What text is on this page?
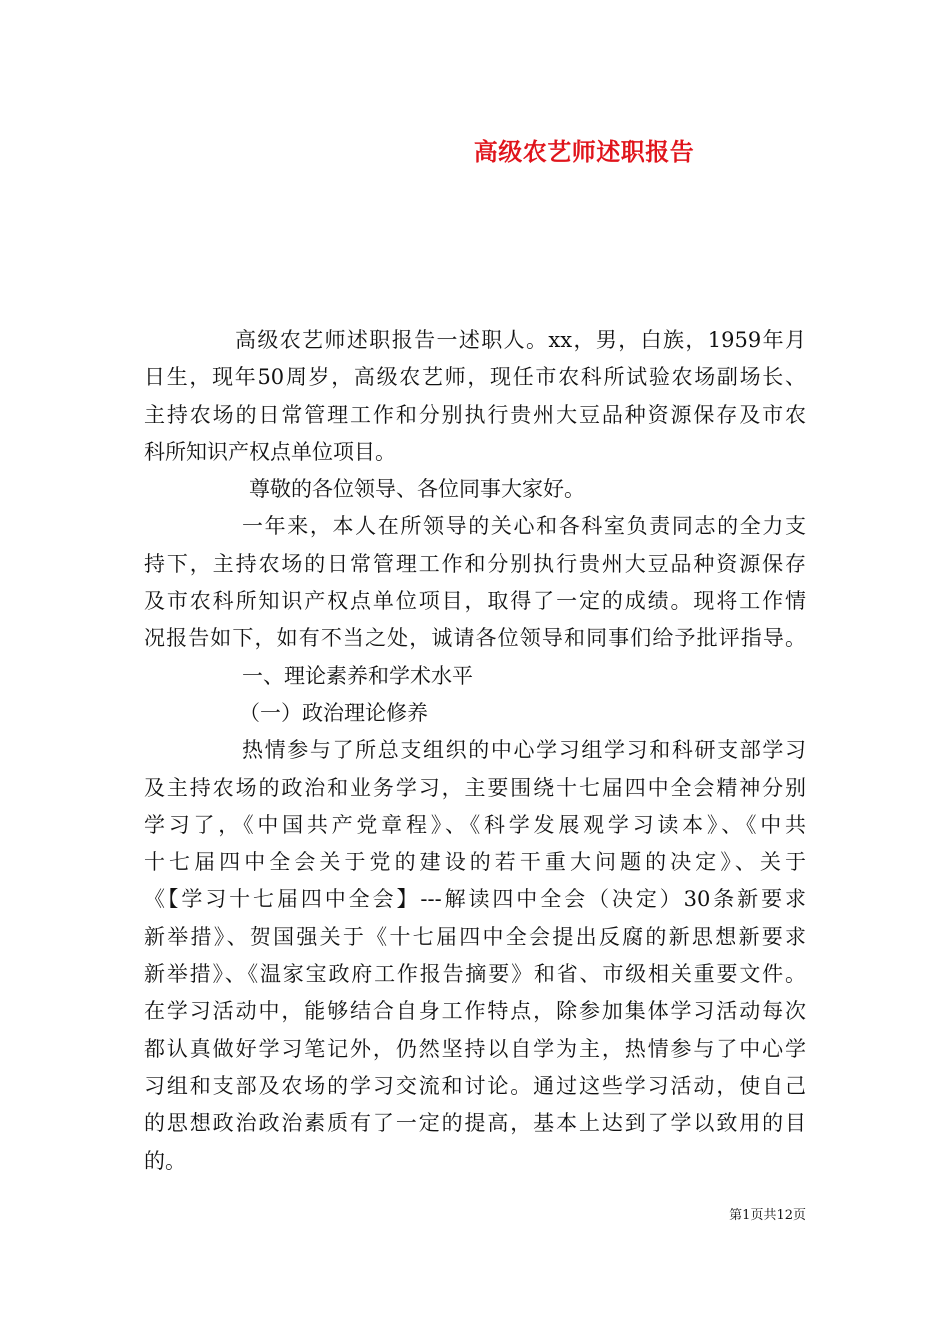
高级农艺师述职报告
高级农艺师述职报告一述职人。xx，男，白族，1959年月
日生，现年50周岁，高级农艺师，现任市农科所试验农场副场长、
主持农场的日常管理工作和分别执行贵州大豆品种资源保存及市农
科所知识产权点单位项目。
尊敬的各位领导、各位同事大家好。
一年来，本人在所领导的关心和各科室负责同志的全力支
持下，主持农场的日常管理工作和分别执行贵州大豆品种资源保存
及市农科所知识产权点单位项目，取得了一定的成绩。现将工作情
况报告如下，如有不当之处，诚请各位领导和同事们给予批评指导。
一、理论素养和学术水平
（一）政治理论修养
热情参与了所总支组织的中心学习组学习和科研支部学习
及主持农场的政治和业务学习，主要围绕十七届四中全会精神分别
学习了，《中国共产党章程》、《科学发展观学习读本》、《中共
十七届四中全会关于党的建设的若干重大问题的决定》、关于
《【学习十七届四中全会】---解读四中全会（决定）30条新要求
新举措》、贺国强关于《十七届四中全会提出反腐的新思想新要求
新举措》、《温家宝政府工作报告摘要》和省、市级相关重要文件。
在学习活动中，能够结合自身工作特点，除参加集体学习活动每次
都认真做好学习笔记外，仍然坚持以自学为主，热情参与了中心学
习组和支部及农场的学习交流和讨论。通过这些学习活动，使自己
的思想政治政治素质有了一定的提高，基本上达到了学以致用的目
的。
第1页共12页
